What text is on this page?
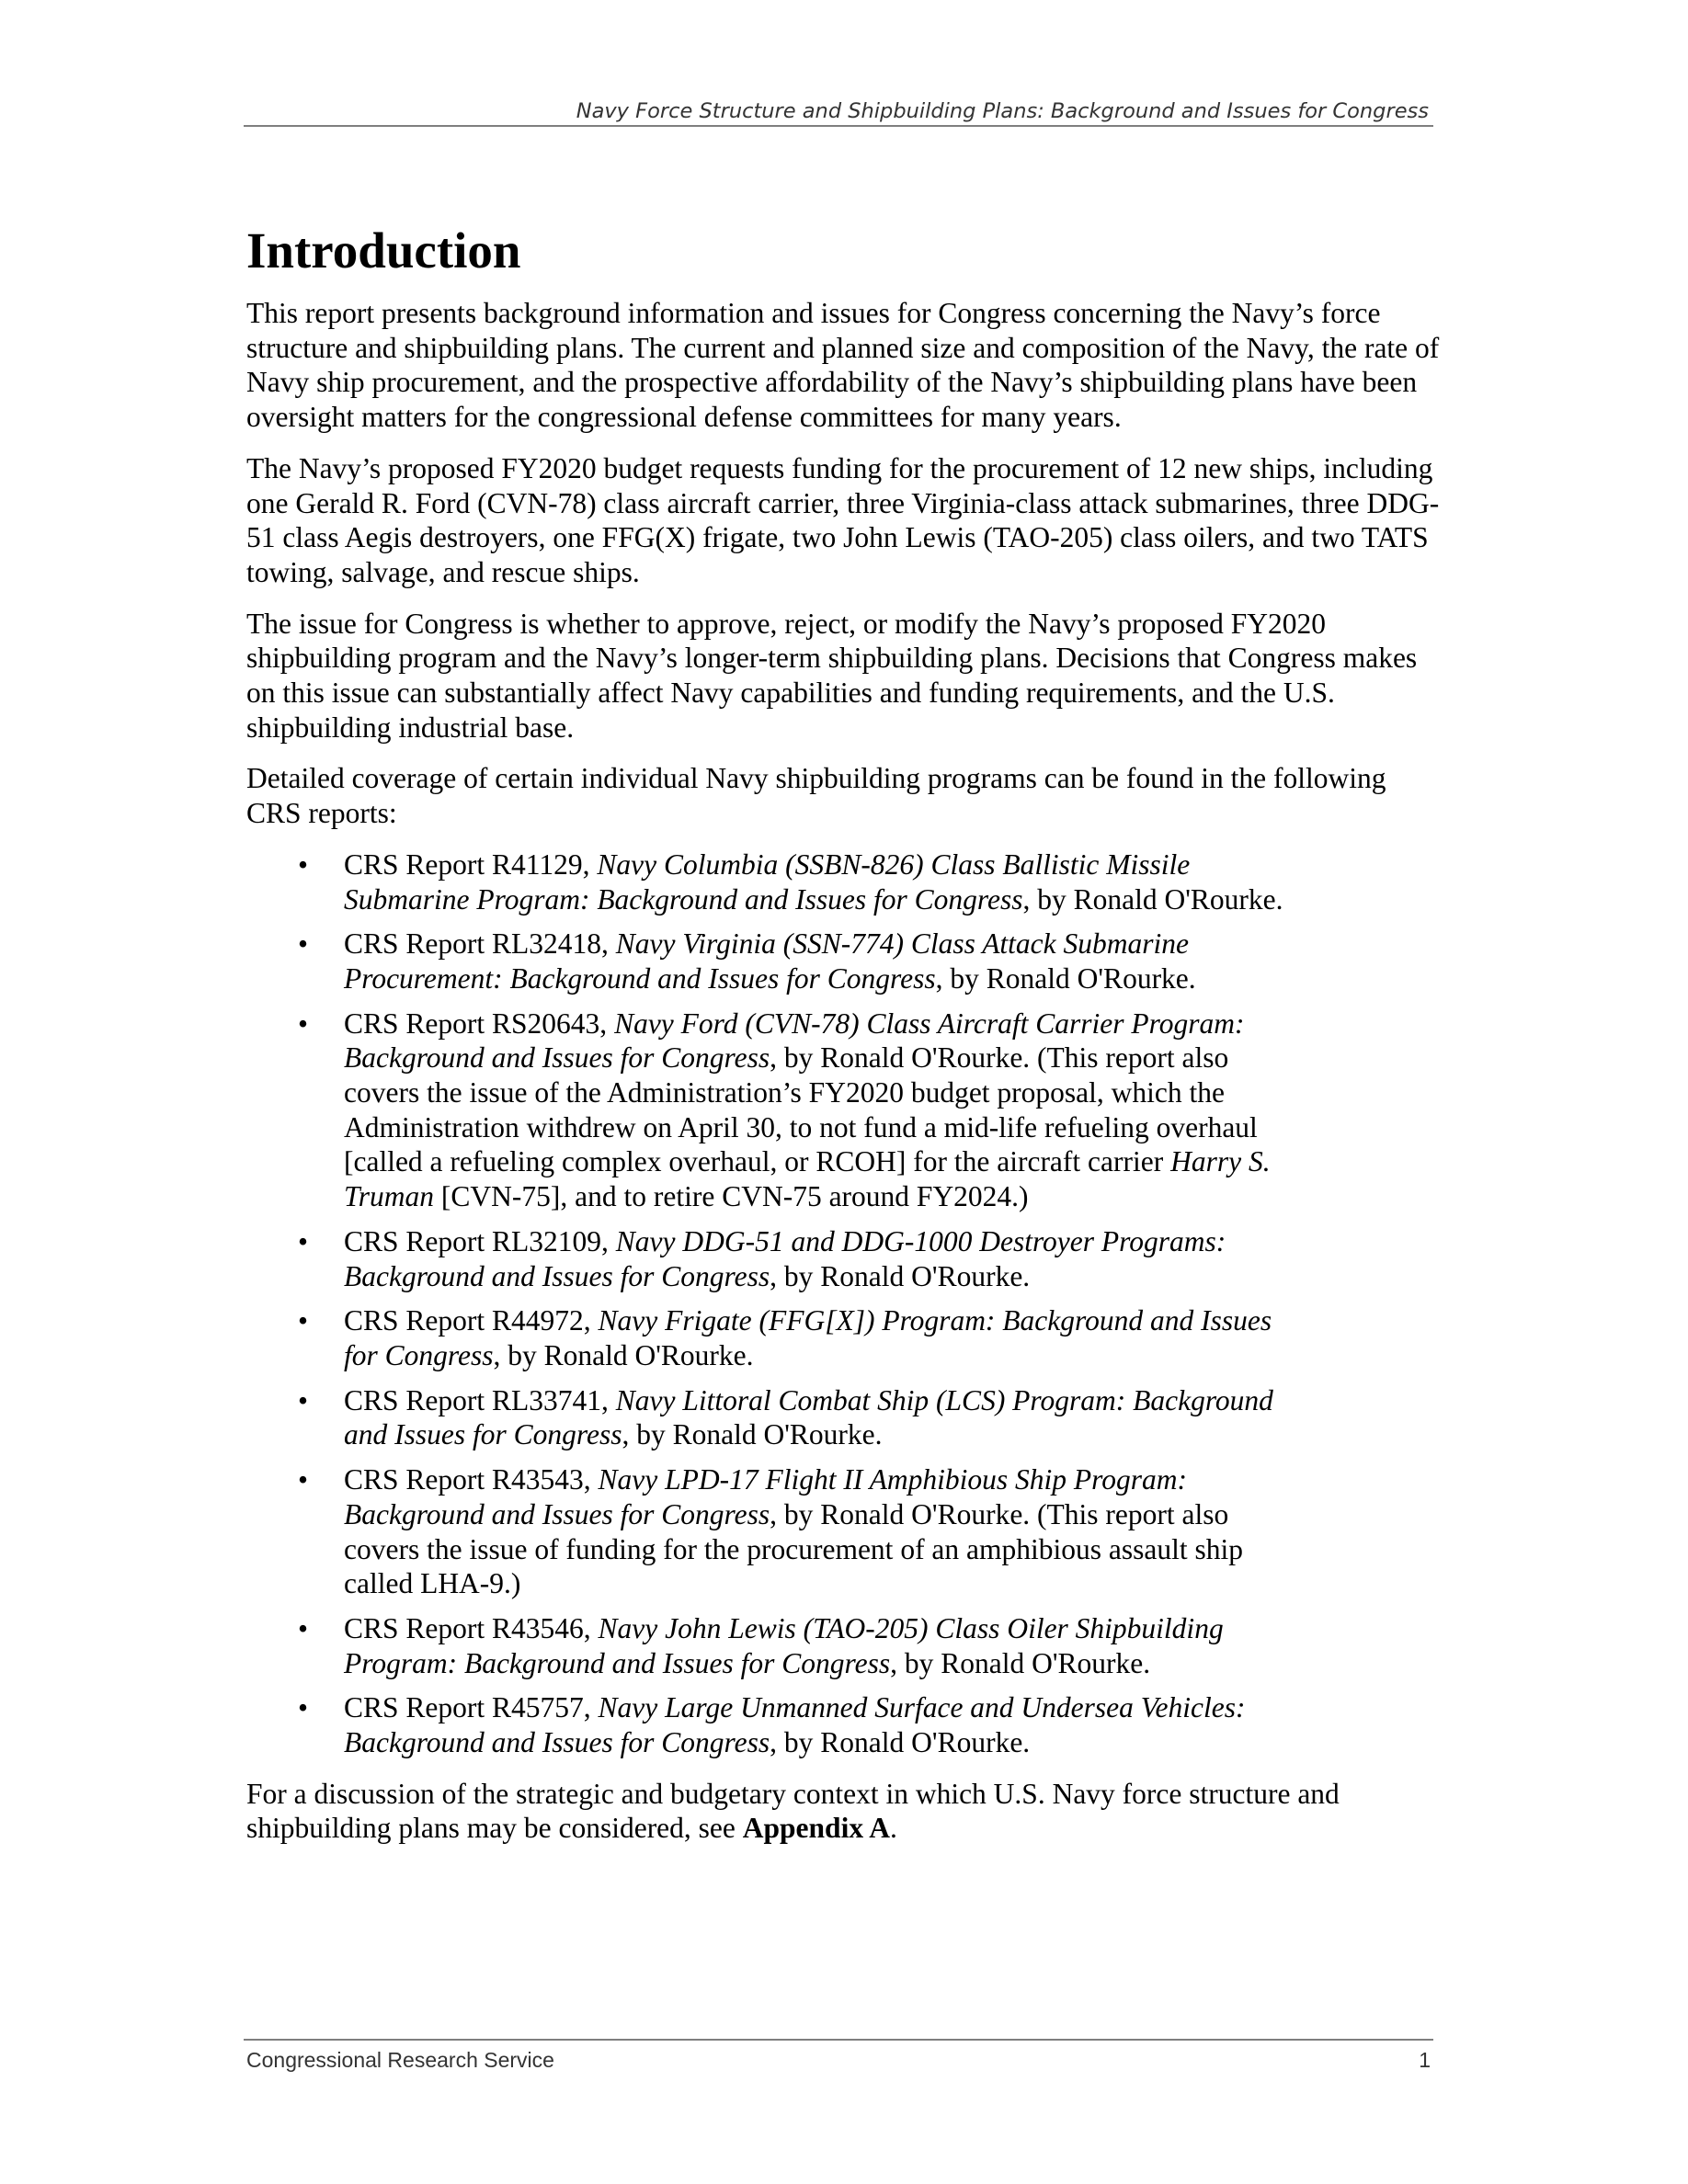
Navy Force Structure and Shipbuilding Plans: Background and Issues for Congress
Introduction

This report presents background information and issues for Congress concerning the Navy’s force structure and shipbuilding plans. The current and planned size and composition of the Navy, the rate of Navy ship procurement, and the prospective affordability of the Navy’s shipbuilding plans have been oversight matters for the congressional defense committees for many years.

The Navy’s proposed FY2020 budget requests funding for the procurement of 12 new ships, including one Gerald R. Ford (CVN-78) class aircraft carrier, three Virginia-class attack submarines, three DDG-51 class Aegis destroyers, one FFG(X) frigate, two John Lewis (TAO-205) class oilers, and two TATS towing, salvage, and rescue ships.

The issue for Congress is whether to approve, reject, or modify the Navy’s proposed FY2020 shipbuilding program and the Navy’s longer-term shipbuilding plans. Decisions that Congress makes on this issue can substantially affect Navy capabilities and funding requirements, and the U.S. shipbuilding industrial base.

Detailed coverage of certain individual Navy shipbuilding programs can be found in the following CRS reports:

• CRS Report R41129, Navy Columbia (SSBN-826) Class Ballistic Missile Submarine Program: Background and Issues for Congress, by Ronald O'Rourke.
• CRS Report RL32418, Navy Virginia (SSN-774) Class Attack Submarine Procurement: Background and Issues for Congress, by Ronald O'Rourke.
• CRS Report RS20643, Navy Ford (CVN-78) Class Aircraft Carrier Program: Background and Issues for Congress, by Ronald O'Rourke. (This report also covers the issue of the Administration’s FY2020 budget proposal, which the Administration withdrew on April 30, to not fund a mid-life refueling overhaul [called a refueling complex overhaul, or RCOH] for the aircraft carrier Harry S. Truman [CVN-75], and to retire CVN-75 around FY2024.)
• CRS Report RL32109, Navy DDG-51 and DDG-1000 Destroyer Programs: Background and Issues for Congress, by Ronald O'Rourke.
• CRS Report R44972, Navy Frigate (FFG[X]) Program: Background and Issues for Congress, by Ronald O'Rourke.
• CRS Report RL33741, Navy Littoral Combat Ship (LCS) Program: Background and Issues for Congress, by Ronald O'Rourke.
• CRS Report R43543, Navy LPD-17 Flight II Amphibious Ship Program: Background and Issues for Congress, by Ronald O'Rourke. (This report also covers the issue of funding for the procurement of an amphibious assault ship called LHA-9.)
• CRS Report R43546, Navy John Lewis (TAO-205) Class Oiler Shipbuilding Program: Background and Issues for Congress, by Ronald O'Rourke.
• CRS Report R45757, Navy Large Unmanned Surface and Undersea Vehicles: Background and Issues for Congress, by Ronald O'Rourke.

For a discussion of the strategic and budgetary context in which U.S. Navy force structure and shipbuilding plans may be considered, see Appendix A.

Congressional Research Service	1
